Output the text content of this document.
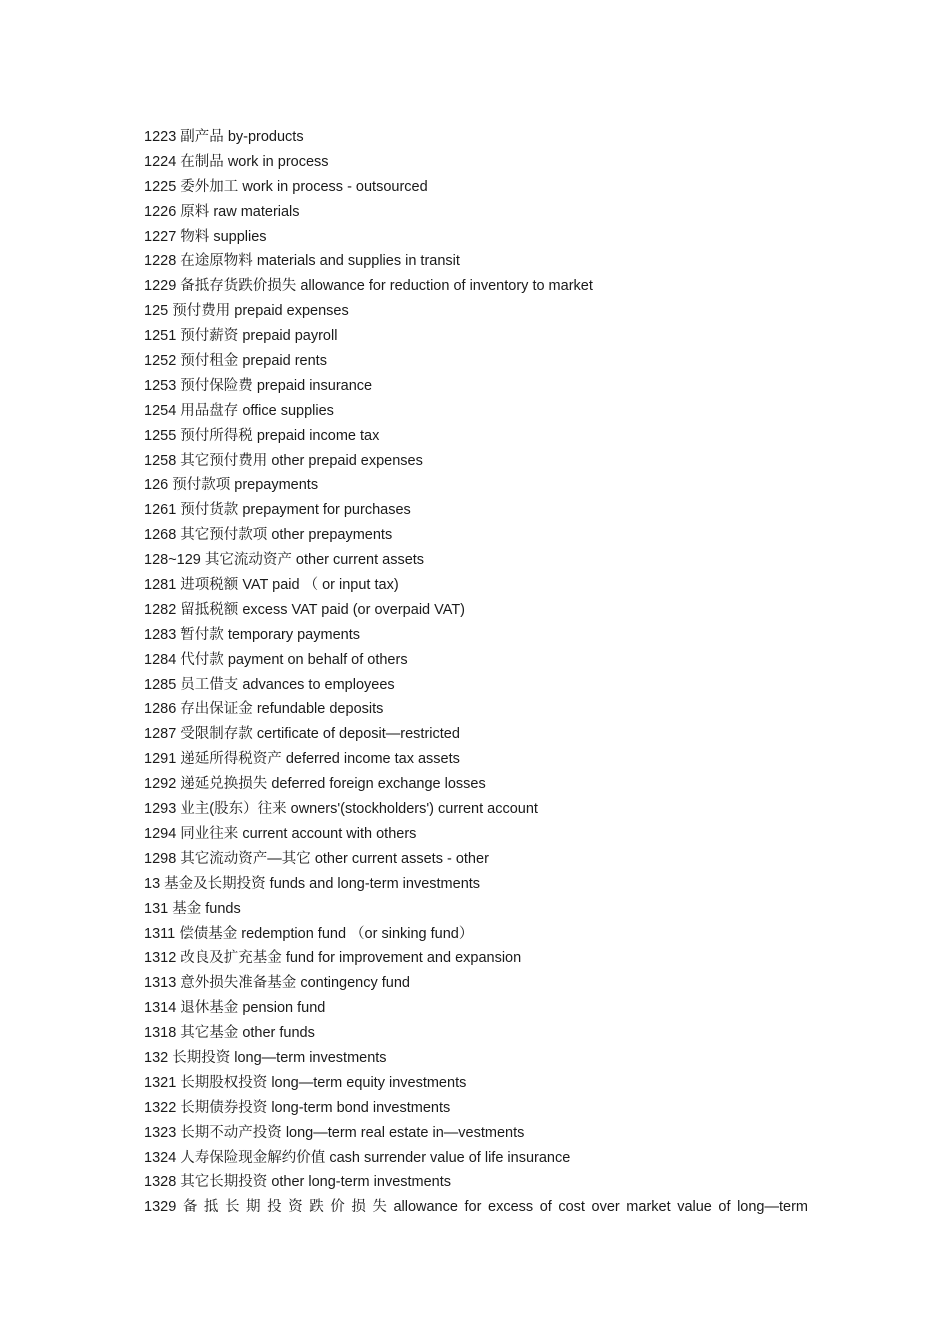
1223 副产品 by-products
1224 在制品 work in process
1225 委外加工 work in process - outsourced
1226 原料 raw materials
1227 物料 supplies
1228 在途原物料 materials and supplies in transit
1229 备抵存货跌价损失 allowance for reduction of inventory to market
125 预付费用 prepaid expenses
1251 预付薪资 prepaid payroll
1252 预付租金 prepaid rents
1253 预付保险费 prepaid insurance
1254 用品盘存 office supplies
1255 预付所得税 prepaid income tax
1258 其它预付费用 other prepaid expenses
126 预付款项 prepayments
1261 预付货款 prepayment for purchases
1268 其它预付款项 other prepayments
128~129 其它流动资产 other current assets
1281 进项税额 VAT paid （ or input tax)
1282 留抵税额 excess VAT paid (or overpaid VAT)
1283 暂付款 temporary payments
1284 代付款 payment on behalf of others
1285 员工借支 advances to employees
1286 存出保证金 refundable deposits
1287 受限制存款 certificate of deposit—restricted
1291 递延所得税资产 deferred income tax assets
1292 递延兑换损失 deferred foreign exchange losses
1293 业主(股东）往来 owners'(stockholders') current account
1294 同业往来 current account with others
1298 其它流动资产—其它 other current assets - other
13 基金及长期投资 funds and long-term investments
131 基金 funds
1311 偿债基金 redemption fund （or sinking fund）
1312 改良及扩充基金 fund for improvement and expansion
1313 意外损失准备基金 contingency fund
1314 退休基金 pension fund
1318 其它基金 other funds
132 长期投资 long—term investments
1321 长期股权投资 long—term equity investments
1322 长期债券投资 long-term bond investments
1323 长期不动产投资 long—term real estate in—vestments
1324 人寿保险现金解约价值 cash surrender value of life insurance
1328 其它长期投资 other long-term investments
1329 备 抵 长 期 投 资 跌 价 损 失 allowance for excess of cost over market value of long—term
